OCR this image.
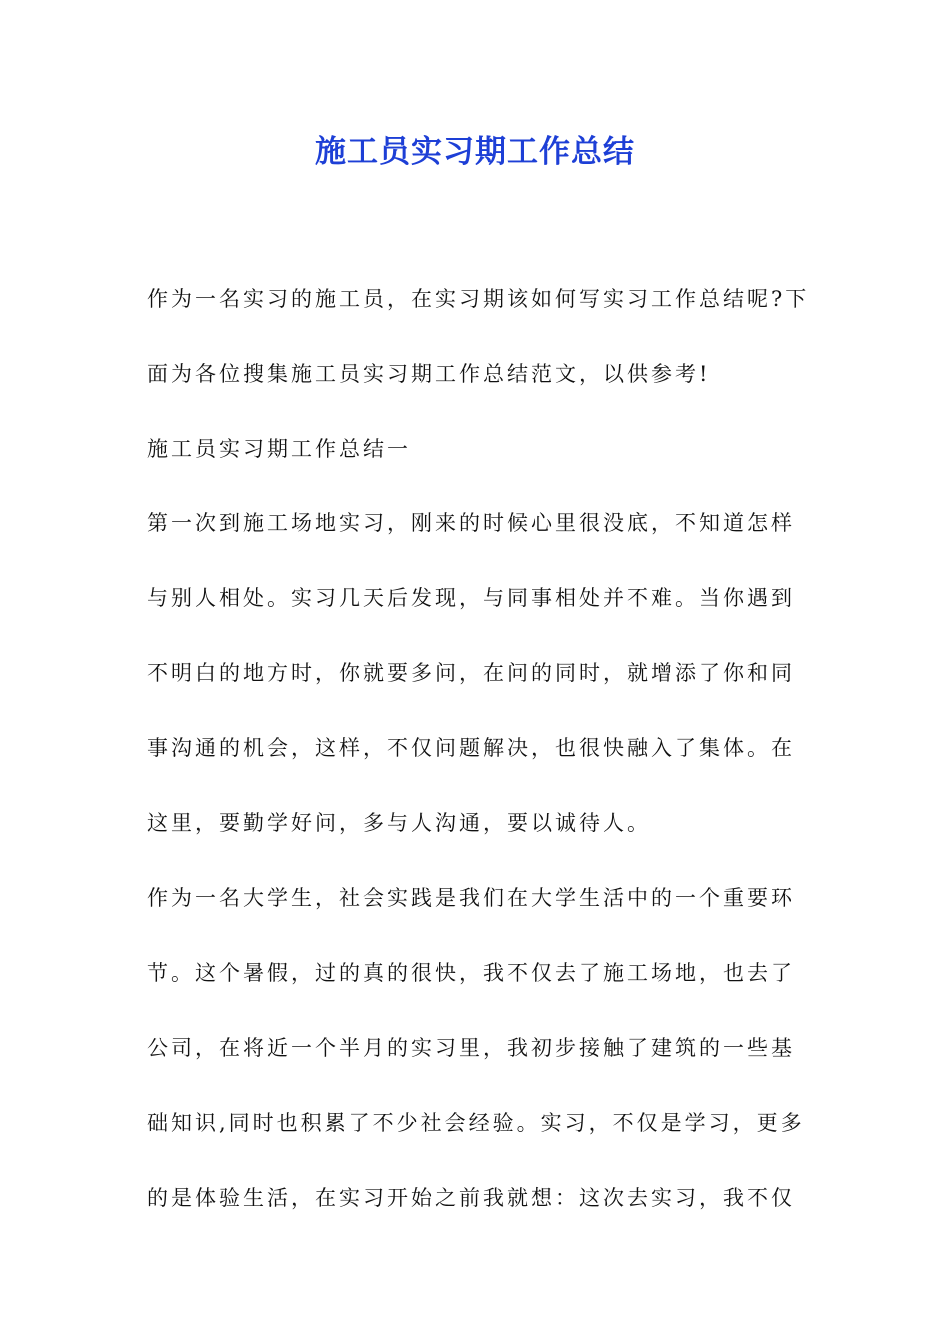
施工员实习期工作总结

作为一名实习的施工员，在实习期该如何写实习工作总结呢?下
面为各位搜集施工员实习期工作总结范文，以供参考!

施工员实习期工作总结一

第一次到施工场地实习，刚来的时候心里很没底，不知道怎样
与别人相处。实习几天后发现，与同事相处并不难。当你遇到
不明白的地方时，你就要多问，在问的同时，就增添了你和同
事沟通的机会，这样，不仅问题解决，也很快融入了集体。在
这里，要勤学好问，多与人沟通，要以诚待人。

作为一名大学生，社会实践是我们在大学生活中的一个重要环
节。这个暑假，过的真的很快，我不仅去了施工场地，也去了
公司，在将近一个半月的实习里，我初步接触了建筑的一些基
础知识,同时也积累了不少社会经验。实习，不仅是学习，更多
的是体验生活，在实习开始之前我就想：这次去实习，我不仅
